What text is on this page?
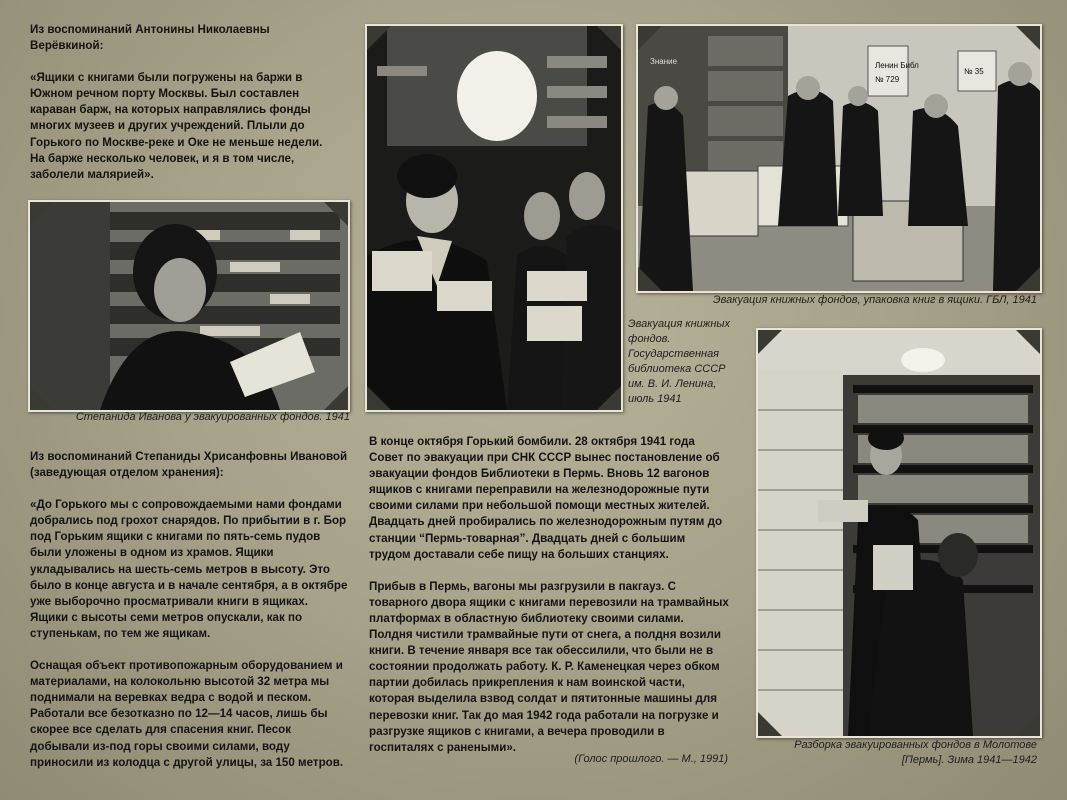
Из воспоминаний Антонины Николаевны Верёвкиной:

«Ящики с книгами были погружены на баржи в Южном речном порту Москвы. Был составлен караван барж, на которых направлялись фонды многих музеев и других учреждений. Плыли до Горького по Москве-реке и Оке не меньше недели. На барже несколько человек, и я в том числе, заболели малярией».

Степанида Иванова у эвакуированных фондов. 1941

Ленин Библ
№ 729
№ 35
Знание

Эвакуация книжных фондов, упаковка книг в ящики. ГБЛ, 1941

Эвакуация книжных фондов. Государственная библиотека СССР им. В. И. Ленина, июль 1941

Разборка эвакуированных фондов в Молотове [Пермь]. Зима 1941—1942

Из воспоминаний Степаниды Хрисанфовны Ивановой (заведующая отделом хранения):

«До Горького мы с сопровождаемыми нами фондами добрались под грохот снарядов. По прибытии в г. Бор под Горьким ящики с книгами по пять-семь пудов были уложены в одном из храмов. Ящики укладывались на шесть-семь метров в высоту. Это было в конце августа и в начале сентября, а в октябре уже выборочно просматривали книги в ящиках. Ящики с высоты семи метров опускали, как по ступенькам, по тем же ящикам.

Оснащая объект противопожарным оборудованием и материалами, на колокольню высотой 32 метра мы поднимали на веревках ведра с водой и песком. Работали все безотказно по 12—14 часов, лишь бы скорее все сделать для спасения книг. Песок добывали из-под горы своими силами, воду приносили из колодца с другой улицы, за 150 метров.

В конце октября Горький бомбили. 28 октября 1941 года Совет по эвакуации при СНК СССР вынес постановление об эвакуации фондов Библиотеки в Пермь. Вновь 12 вагонов ящиков с книгами переправили на железнодорожные пути своими силами при небольшой помощи местных жителей. Двадцать дней пробирались по железнодорожным путям до станции “Пермь-товарная”. Двадцать дней с большим трудом доставали себе пищу на больших станциях.

Прибыв в Пермь, вагоны мы разгрузили в пакгауз. С товарного двора ящики с книгами перевозили на трамвайных платформах в областную библиотеку своими силами. Полдня чистили трамвайные пути от снега, а полдня возили книги. В течение января все так обессилили, что были не в состоянии продолжать работу. К. Р. Каменецкая через обком партии добилась прикрепления к нам воинской части, которая выделила взвод солдат и пятитонные машины для перевозки книг. Так до мая 1942 года работали на погрузке и разгрузке ящиков с книгами, а вечера проводили в госпиталях с ранеными».

(Голос прошлого. — М., 1991)
